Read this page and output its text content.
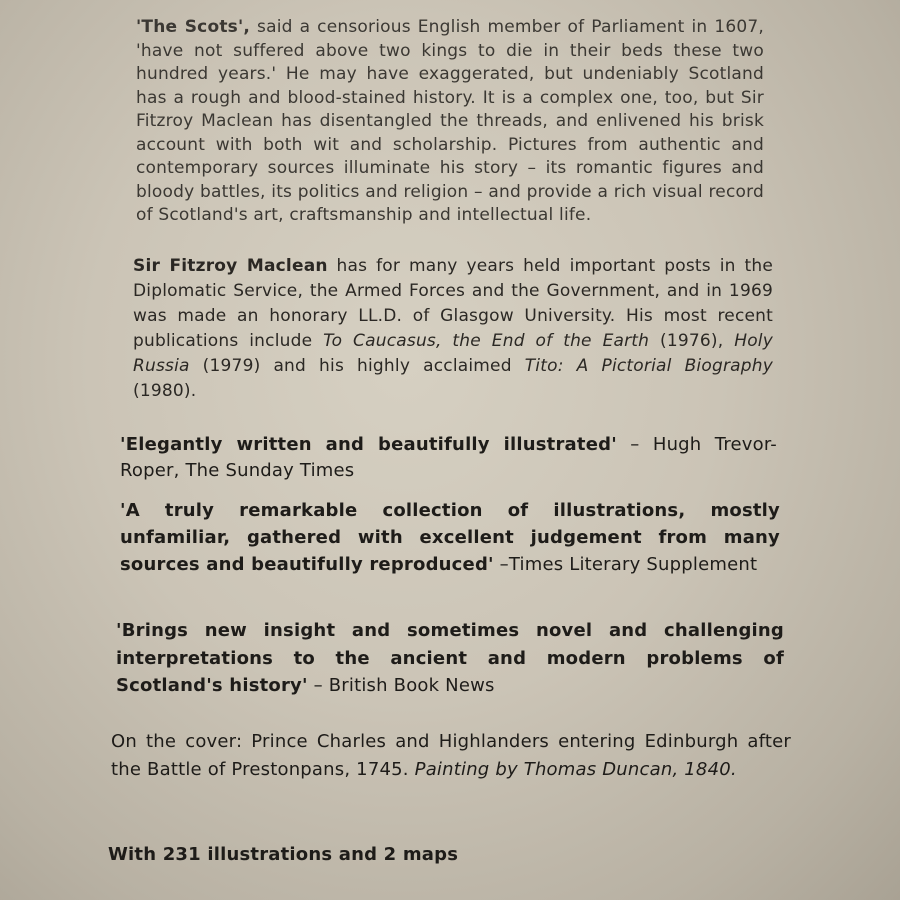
'The Scots', said a censorious English member of Parliament in 1607, 'have not suffered above two kings to die in their beds these two hundred years.' He may have exaggerated, but undeniably Scotland has a rough and blood-stained history. It is a complex one, too, but Sir Fitzroy Maclean has disentangled the threads, and enlivened his brisk account with both wit and scholarship. Pictures from authentic and contemporary sources illuminate his story – its romantic figures and bloody battles, its politics and religion – and provide a rich visual record of Scotland's art, craftsmanship and intellectual life.

Sir Fitzroy Maclean has for many years held important posts in the Diplomatic Service, the Armed Forces and the Government, and in 1969 was made an honorary LL.D. of Glasgow University. His most recent publications include To Caucasus, the End of the Earth (1976), Holy Russia (1979) and his highly acclaimed Tito: A Pictorial Biography (1980).

'Elegantly written and beautifully illustrated' – Hugh Trevor-Roper, The Sunday Times

'A truly remarkable collection of illustrations, mostly unfamiliar, gathered with excellent judgement from many sources and beautifully reproduced' –Times Literary Supplement

'Brings new insight and sometimes novel and challenging interpretations to the ancient and modern problems of Scotland's history' – British Book News

On the cover: Prince Charles and Highlanders entering Edinburgh after the Battle of Prestonpans, 1745. Painting by Thomas Duncan, 1840.

With 231 illustrations and 2 maps
